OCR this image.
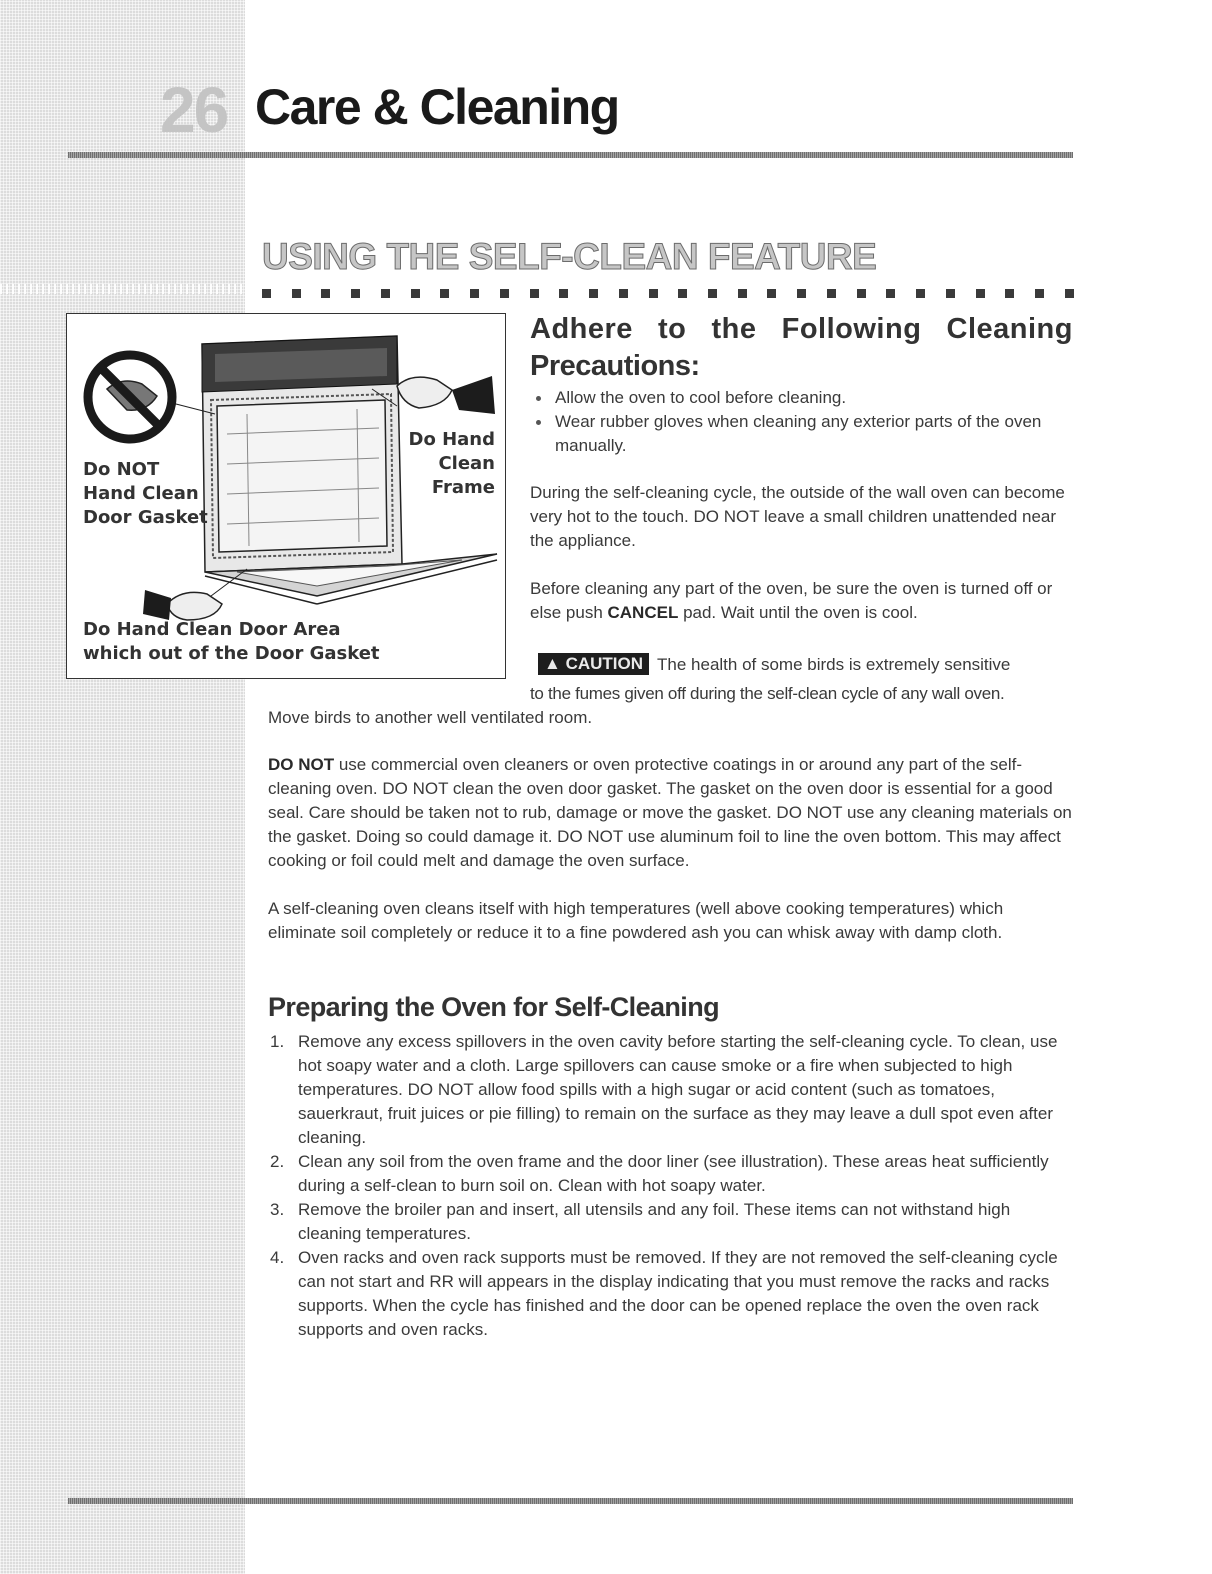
26 Care & Cleaning
USING THE SELF-CLEAN FEATURE
Do NOT
Hand Clean
Door Gasket
Do Hand
Clean
Frame
Do Hand Clean Door Area
which out of the Door Gasket
Adhere to the Following Cleaning
Precautions:
Allow the oven to cool before cleaning.
Wear rubber gloves when cleaning any exterior parts of the oven manually.

During the self-cleaning cycle, the outside of the wall oven can become very hot to the touch. DO NOT leave a small children unattended near the appliance.

Before cleaning any part of the oven, be sure the oven is turned off or else push CANCEL pad. Wait until the oven is cool.

▲ CAUTION The health of some birds is extremely sensitive
to the fumes given off during the self-clean cycle of any wall oven.
Move birds to another well ventilated room.

DO NOT use commercial oven cleaners or oven protective coatings in or around any part of the self-cleaning oven. DO NOT clean the oven door gasket. The gasket on the oven door is essential for a good seal. Care should be taken not to rub, damage or move the gasket. DO NOT use any cleaning materials on the gasket. Doing so could damage it. DO NOT use aluminum foil to line the oven bottom. This may affect cooking or foil could melt and damage the oven surface.

A self-cleaning oven cleans itself with high temperatures (well above cooking temperatures) which eliminate soil completely or reduce it to a fine powdered ash you can whisk away with damp cloth.

Preparing the Oven for Self-Cleaning
1. Remove any excess spillovers in the oven cavity before starting the self-cleaning cycle. To clean, use hot soapy water and a cloth. Large spillovers can cause smoke or a fire when subjected to high temperatures. DO NOT allow food spills with a high sugar or acid content (such as tomatoes, sauerkraut, fruit juices or pie filling) to remain on the surface as they may leave a dull spot even after cleaning.
2. Clean any soil from the oven frame and the door liner (see illustration). These areas heat sufficiently during a self-clean to burn soil on. Clean with hot soapy water.
3. Remove the broiler pan and insert, all utensils and any foil. These items can not withstand high cleaning temperatures.
4. Oven racks and oven rack supports must be removed. If they are not removed the self-cleaning cycle can not start and RR will appears in the display indicating that you must remove the racks and racks supports. When the cycle has finished and the door can be opened replace the oven the oven rack supports and oven racks.
